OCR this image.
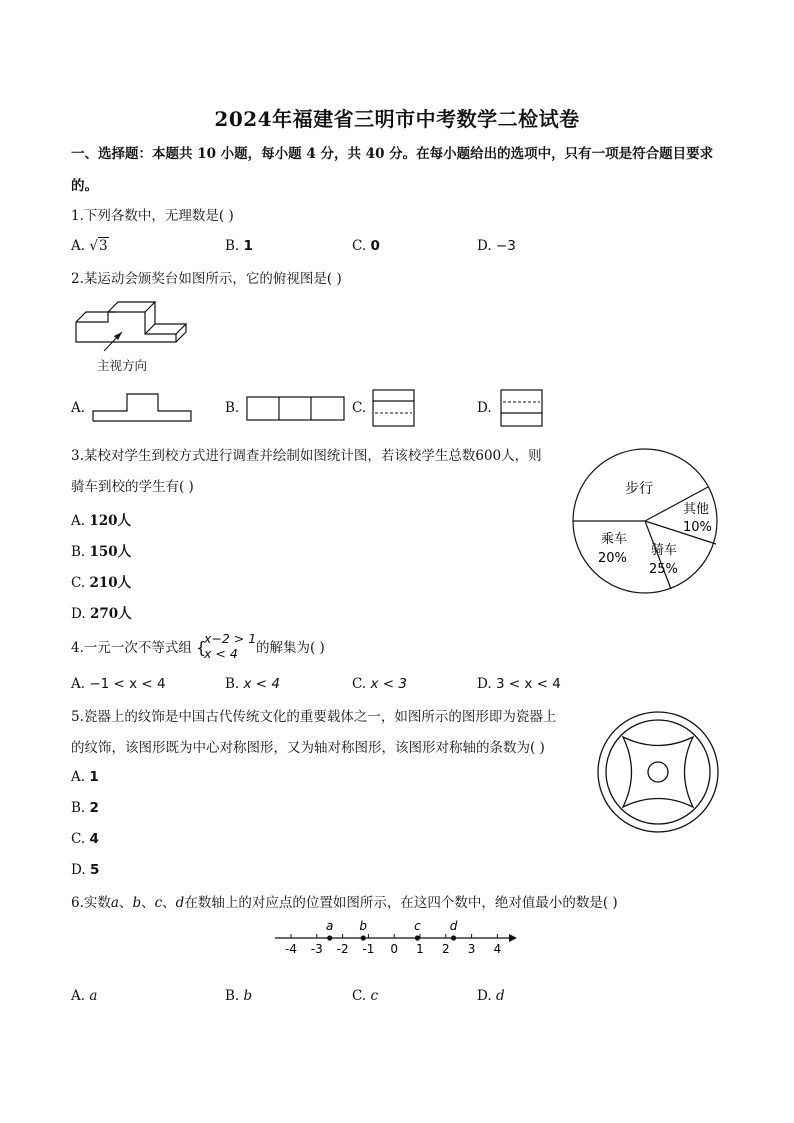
2024年福建省三明市中考数学二检试卷
一、选择题：本题共 10 小题，每小题 4 分，共 40 分。在每小题给出的选项中，只有一项是符合题目要求
的。
1.下列各数中，无理数是( )
A. √3	B. 1	C. 0	D. −3
2.某运动会颁奖台如图所示，它的俯视图是( )
主视方向
A.	B.	C.	D.
3.某校对学生到校方式进行调查并绘制如图统计图，若该校学生总数600人，则
骑车到校的学生有( )
A. 120人
B. 150人
C. 210人
D. 270人
步行
其他
10%
骑车
25%
乘车
20%
4.一元一次不等式组 {
x−2 > 1
x < 4 的解集为( )
A. −1 < x < 4	B. x < 4	C. x < 3	D. 3 < x < 4
5.瓷器上的纹饰是中国古代传统文化的重要载体之一，如图所示的图形即为瓷器上
的纹饰，该图形既为中心对称图形，又为轴对称图形，该图形对称轴的条数为( )
A. 1
B. 2
C. 4
D. 5
6.实数a、b、c、d在数轴上的对应点的位置如图所示，在这四个数中，绝对值最小的数是( )
-4 -3 -2 -1 0 1 2 3 4
a b	c d
A. a	B. b	C. c	D. d
